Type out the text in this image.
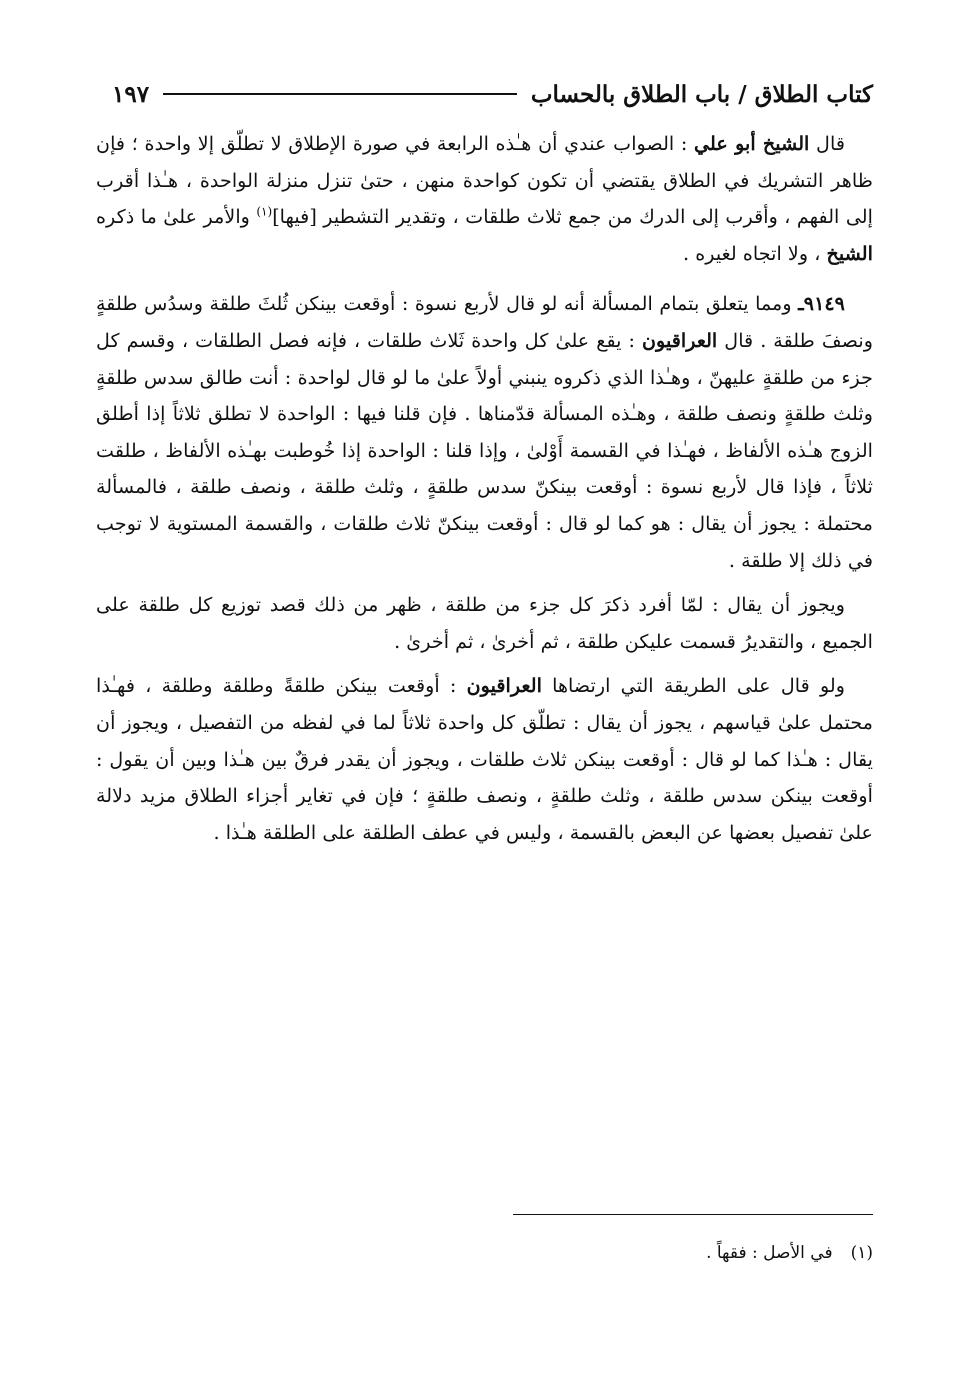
كتاب الطلاق / باب الطلاق بالحساب
١٩٧

قال الشيخ أبو علي : الصواب عندي أن هـٰذه الرابعة في صورة الإطلاق لا تطلّق إلا واحدة ؛ فإن ظاهر التشريك في الطلاق يقتضي أن تكون كواحدة منهن ، حتىٰ تنزل منزلة الواحدة ، هـٰذا أقرب إلى الفهم ، وأقرب إلى الدرك من جمع ثلاث طلقات ، وتقدير التشطير [فيها]$^{(١)}$ والأمر علىٰ ما ذكره الشيخ ، ولا اتجاه لغيره .

٩١٤٩ـ ومما يتعلق بتمام المسألة أنه لو قال لأربع نسوة : أوقعت بينكن ثُلثَ طلقة وسدُس طلقةٍ ونصفَ طلقة . قال العراقيون : يقع علىٰ كل واحدة ثَلاث طلقات ، فإنه فصل الطلقات ، وقسم كل جزء من طلقةٍ عليهنّ ، وهـٰذا الذي ذكروه ينبني أولاً علىٰ ما لو قال لواحدة : أنت طالق سدس طلقةٍ وثلث طلقةٍ ونصف طلقة ، وهـٰذه المسألة قدّمناها . فإن قلنا فيها : الواحدة لا تطلق ثلاثاً إذا أطلق الزوج هـٰذه الألفاظ ، فهـٰذا في القسمة أَوْلىٰ ، وإذا قلنا : الواحدة إذا خُوطبت بهـٰذه الألفاظ ، طلقت ثلاثاً ، فإذا قال لأربع نسوة : أوقعت بينكنّ سدس طلقةٍ ، وثلث طلقة ، ونصف طلقة ، فالمسألة محتملة : يجوز أن يقال : هو كما لو قال : أوقعت بينكنّ ثلاث طلقات ، والقسمة المستوية لا توجب في ذلك إلا طلقة .

ويجوز أن يقال : لمّا أفرد ذكرَ كل جزء من طلقة ، ظهر من ذلك قصد توزيع كل طلقة على الجميع ، والتقديرُ قسمت عليكن طلقة ، ثم أخرىٰ ، ثم أخرىٰ .

ولو قال على الطريقة التي ارتضاها العراقيون : أوقعت بينكن طلقةً وطلقة وطلقة ، فهـٰذا محتمل علىٰ قياسهم ، يجوز أن يقال : تطلّق كل واحدة ثلاثاً لما في لفظه من التفصيل ، ويجوز أن يقال : هـٰذا كما لو قال : أوقعت بينكن ثلاث طلقات ، ويجوز أن يقدر فرقٌ بين هـٰذا وبين أن يقول : أوقعت بينكن سدس طلقة ، وثلث طلقةٍ ، ونصف طلقةٍ ؛ فإن في تغاير أجزاء الطلاق مزيد دلالة علىٰ تفصيل بعضها عن البعض بالقسمة ، وليس في عطف الطلقة على الطلقة هـٰذا .

(١)في الأصل : فقهاً .
